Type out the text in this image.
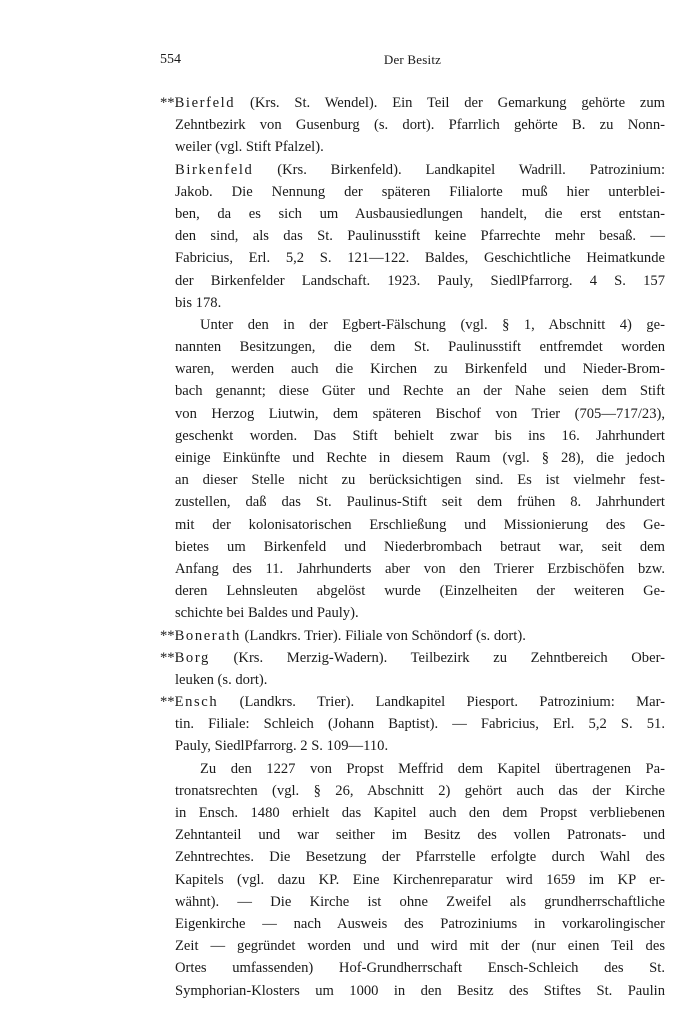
554	Der Besitz
**Bierfeld (Krs. St. Wendel). Ein Teil der Gemarkung gehörte zum
Zehntbezirk von Gusenburg (s. dort). Pfarrlich gehörte B. zu Nonn-
weiler (vgl. Stift Pfalzel).
Birkenfeld (Krs. Birkenfeld). Landkapitel Wadrill. Patrozinium:
Jakob. Die Nennung der späteren Filialorte muß hier unterblei-
ben, da es sich um Ausbausiedlungen handelt, die erst entstan-
den sind, als das St. Paulinusstift keine Pfarrechte mehr besaß. —
Fabricius, Erl. 5,2 S. 121—122. Baldes, Geschichtliche Heimatkunde
der Birkenfelder Landschaft. 1923. Pauly, SiedlPfarrorg. 4 S. 157
bis 178.
Unter den in der Egbert-Fälschung (vgl. § 1, Abschnitt 4) ge-
nannten Besitzungen, die dem St. Paulinusstift entfremdet worden
waren, werden auch die Kirchen zu Birkenfeld und Nieder-Brom-
bach genannt; diese Güter und Rechte an der Nahe seien dem Stift
von Herzog Liutwin, dem späteren Bischof von Trier (705—717/23),
geschenkt worden. Das Stift behielt zwar bis ins 16. Jahrhundert
einige Einkünfte und Rechte in diesem Raum (vgl. § 28), die jedoch
an dieser Stelle nicht zu berücksichtigen sind. Es ist vielmehr fest-
zustellen, daß das St. Paulinus-Stift seit dem frühen 8. Jahrhundert
mit der kolonisatorischen Erschließung und Missionierung des Ge-
bietes um Birkenfeld und Niederbrombach betraut war, seit dem
Anfang des 11. Jahrhunderts aber von den Trierer Erzbischöfen bzw.
deren Lehnsleuten abgelöst wurde (Einzelheiten der weiteren Ge-
schichte bei Baldes und Pauly).
**Bonerath (Landkrs. Trier). Filiale von Schöndorf (s. dort).
**Borg (Krs. Merzig-Wadern). Teilbezirk zu Zehntbereich Ober-
leuken (s. dort).
**Ensch (Landkrs. Trier). Landkapitel Piesport. Patrozinium: Mar-
tin. Filiale: Schleich (Johann Baptist). — Fabricius, Erl. 5,2 S. 51.
Pauly, SiedlPfarrorg. 2 S. 109—110.
Zu den 1227 von Propst Meffrid dem Kapitel übertragenen Pa-
tronatsrechten (vgl. § 26, Abschnitt 2) gehört auch das der Kirche
in Ensch. 1480 erhielt das Kapitel auch den dem Propst verbliebenen
Zehntanteil und war seither im Besitz des vollen Patronats- und
Zehntrechtes. Die Besetzung der Pfarrstelle erfolgte durch Wahl des
Kapitels (vgl. dazu KP. Eine Kirchenreparatur wird 1659 im KP er-
wähnt). — Die Kirche ist ohne Zweifel als grundherrschaftliche
Eigenkirche — nach Ausweis des Patroziniums in vorkarolingischer
Zeit — gegründet worden und und wird mit der (nur einen Teil des
Ortes umfassenden) Hof-Grundherrschaft Ensch-Schleich des St.
Symphorian-Klosters um 1000 in den Besitz des Stiftes St. Paulin
